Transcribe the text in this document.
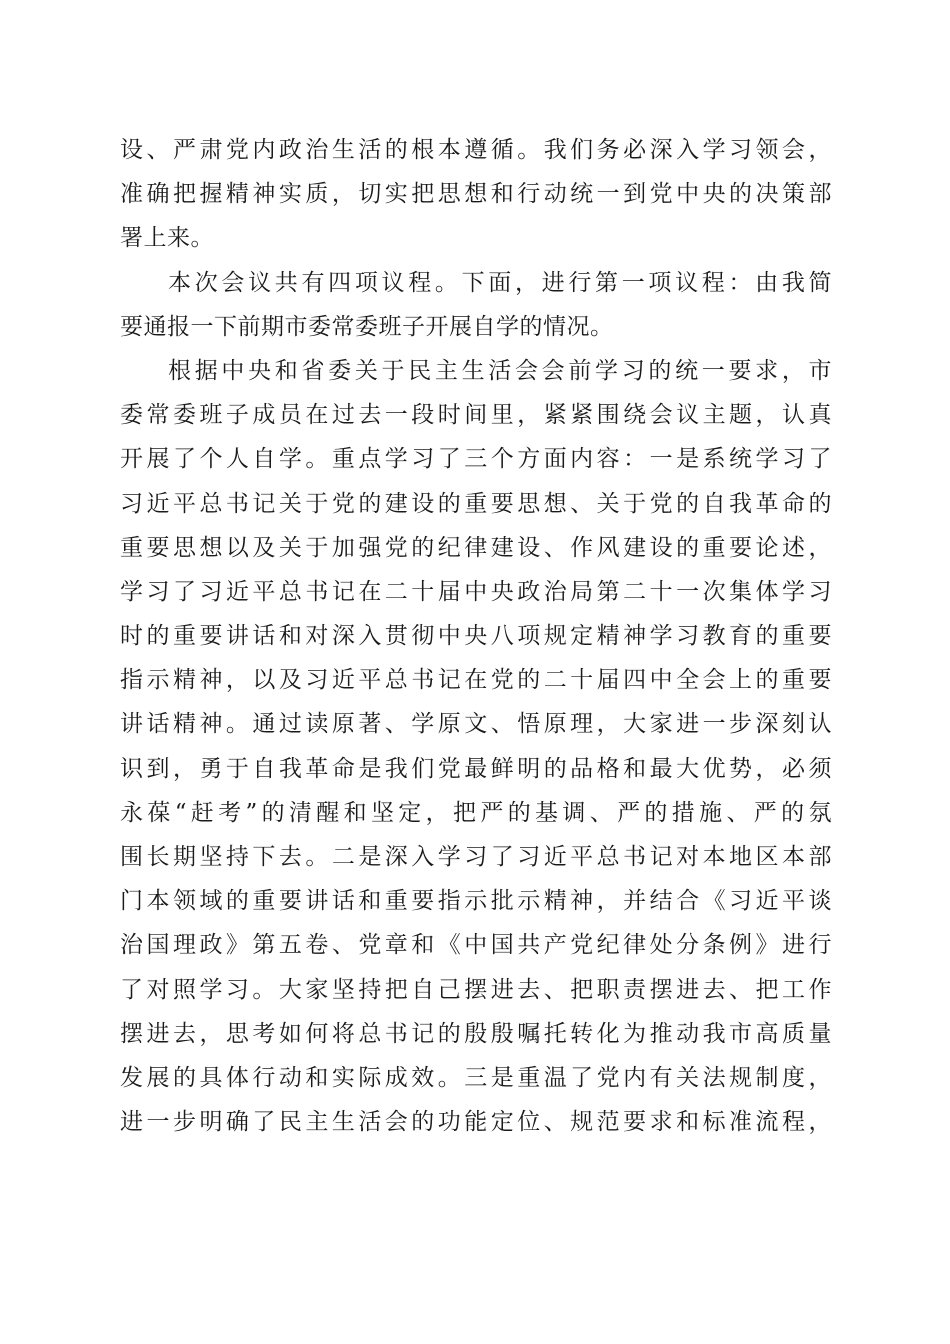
设、严肃党内政治生活的根本遵循。我们务必深入学习领会，
准确把握精神实质，切实把思想和行动统一到党中央的决策部
署上来。
本次会议共有四项议程。下面，进行第一项议程：由我简
要通报一下前期市委常委班子开展自学的情况。
根据中央和省委关于民主生活会会前学习的统一要求，市
委常委班子成员在过去一段时间里，紧紧围绕会议主题，认真
开展了个人自学。重点学习了三个方面内容：一是系统学习了
习近平总书记关于党的建设的重要思想、关于党的自我革命的
重要思想以及关于加强党的纪律建设、作风建设的重要论述，
学习了习近平总书记在二十届中央政治局第二十一次集体学习
时的重要讲话和对深入贯彻中央八项规定精神学习教育的重要
指示精神，以及习近平总书记在党的二十届四中全会上的重要
讲话精神。通过读原著、学原文、悟原理，大家进一步深刻认
识到，勇于自我革命是我们党最鲜明的品格和最大优势，必须
永葆“赶考”的清醒和坚定，把严的基调、严的措施、严的氛
围长期坚持下去。二是深入学习了习近平总书记对本地区本部
门本领域的重要讲话和重要指示批示精神，并结合《习近平谈
治国理政》第五卷、党章和《中国共产党纪律处分条例》进行
了对照学习。大家坚持把自己摆进去、把职责摆进去、把工作
摆进去，思考如何将总书记的殷殷嘱托转化为推动我市高质量
发展的具体行动和实际成效。三是重温了党内有关法规制度，
进一步明确了民主生活会的功能定位、规范要求和标准流程，
